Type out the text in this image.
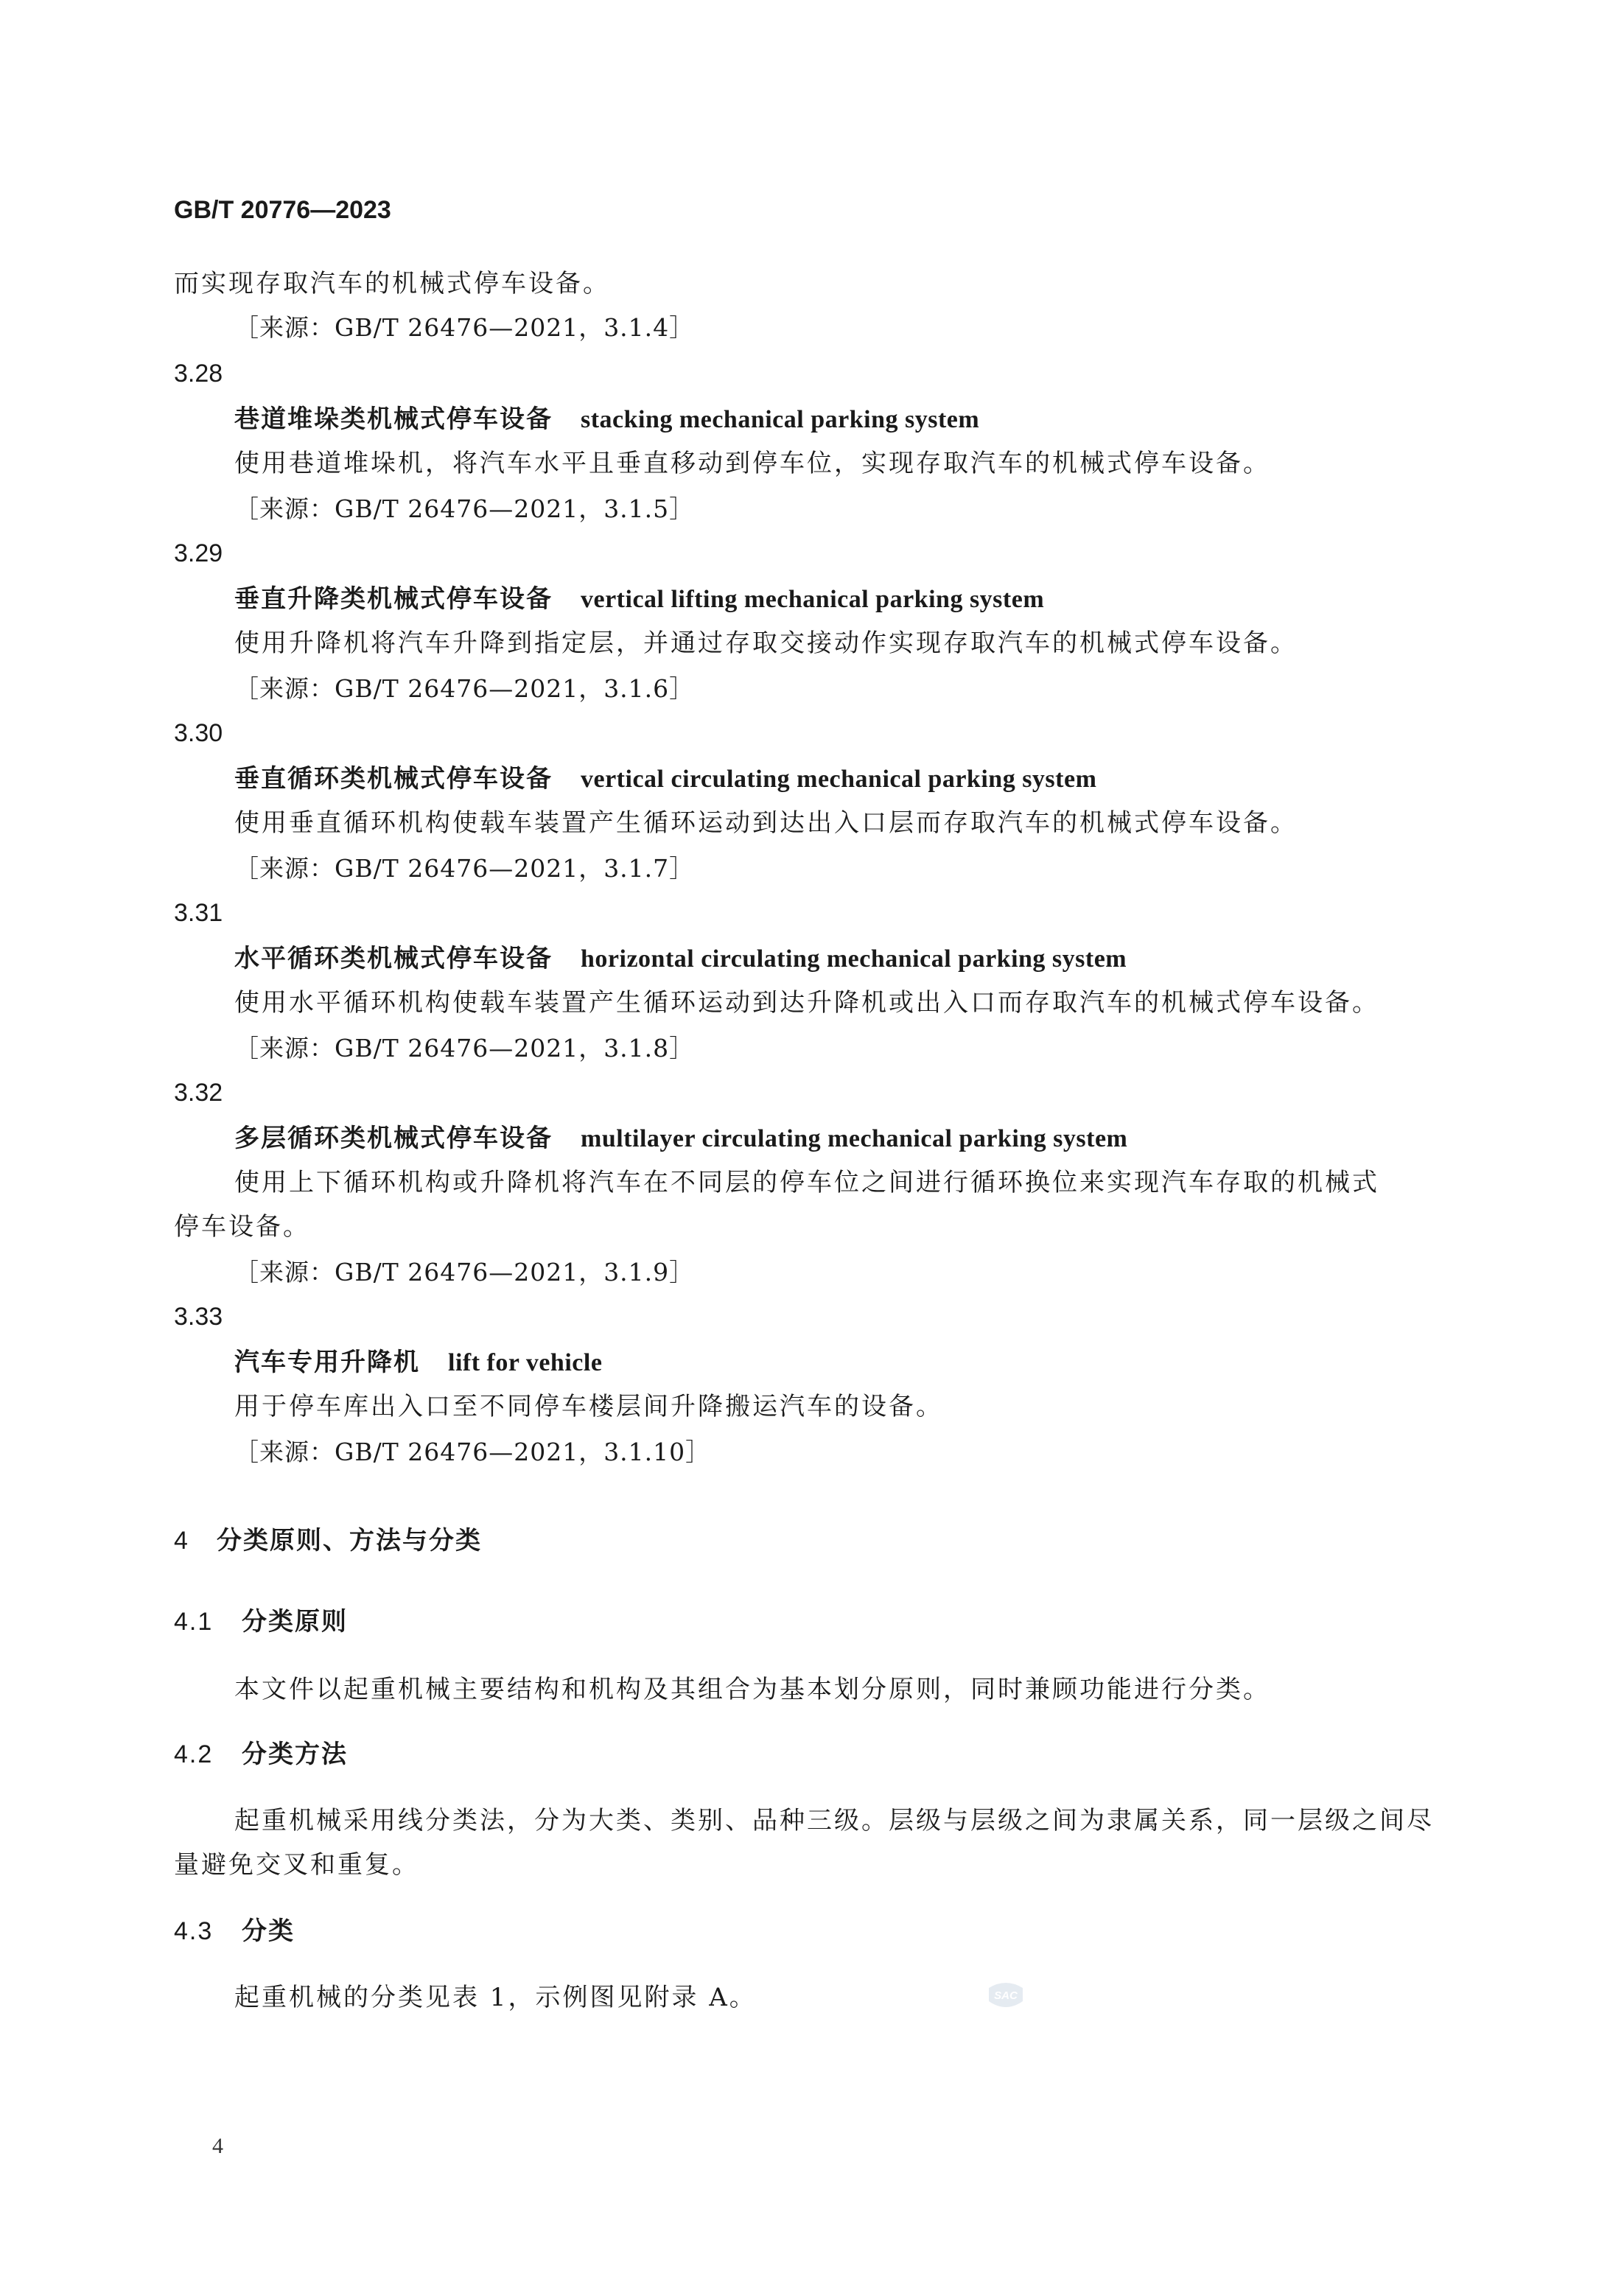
GB/T 20776—2023
而实现存取汽车的机械式停车设备。
［来源：GB/T 26476—2021，3.1.4］
3.28
巷道堆垛类机械式停车设备 stacking mechanical parking system
使用巷道堆垛机，将汽车水平且垂直移动到停车位，实现存取汽车的机械式停车设备。
［来源：GB/T 26476—2021，3.1.5］
3.29
垂直升降类机械式停车设备 vertical lifting mechanical parking system
使用升降机将汽车升降到指定层，并通过存取交接动作实现存取汽车的机械式停车设备。
［来源：GB/T 26476—2021，3.1.6］
3.30
垂直循环类机械式停车设备 vertical circulating mechanical parking system
使用垂直循环机构使载车装置产生循环运动到达出入口层而存取汽车的机械式停车设备。
［来源：GB/T 26476—2021，3.1.7］
3.31
水平循环类机械式停车设备 horizontal circulating mechanical parking system
使用水平循环机构使载车装置产生循环运动到达升降机或出入口而存取汽车的机械式停车设备。
［来源：GB/T 26476—2021，3.1.8］
3.32
多层循环类机械式停车设备 multilayer circulating mechanical parking system
使用上下循环机构或升降机将汽车在不同层的停车位之间进行循环换位来实现汽车存取的机械式
停车设备。
［来源：GB/T 26476—2021，3.1.9］
3.33
汽车专用升降机 lift for vehicle
用于停车库出入口至不同停车楼层间升降搬运汽车的设备。
［来源：GB/T 26476—2021，3.1.10］
4 分类原则、方法与分类
4.1 分类原则
本文件以起重机械主要结构和机构及其组合为基本划分原则，同时兼顾功能进行分类。
4.2 分类方法
起重机械采用线分类法，分为大类、类别、品种三级。层级与层级之间为隶属关系，同一层级之间尽
量避免交叉和重复。
4.3 分类
起重机械的分类见表 1，示例图见附录 A。	SAC
4
